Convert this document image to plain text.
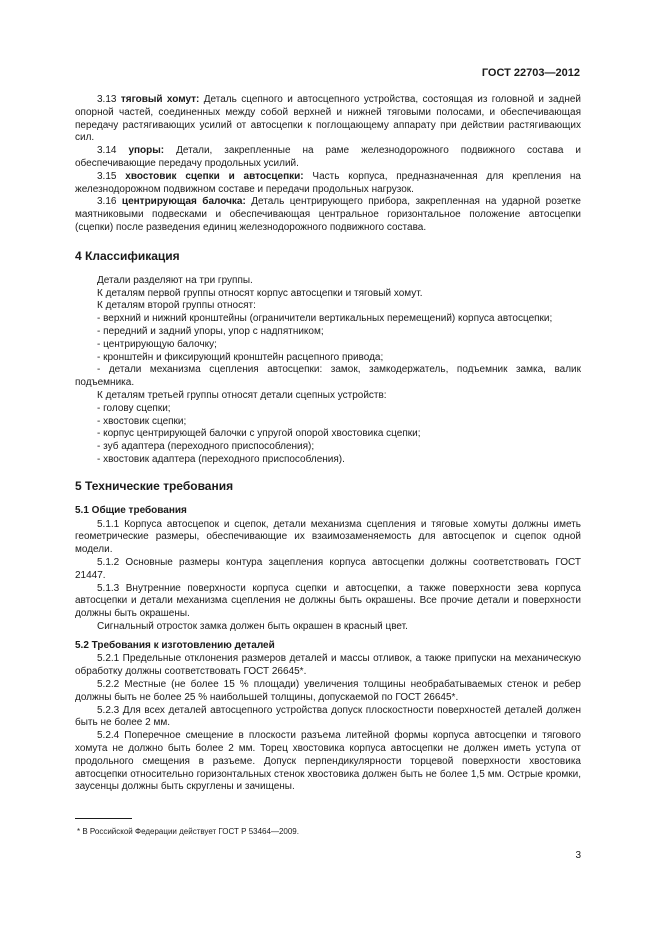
ГОСТ 22703—2012

3.13 тяговый хомут: Деталь сцепного и автосцепного устройства, состоящая из головной и задней опорной частей, соединенных между собой верхней и нижней тяговыми полосами, и обеспечивающая передачу растягивающих усилий от автосцепки к поглощающему аппарату при действии растягивающих сил.

3.14 упоры: Детали, закрепленные на раме железнодорожного подвижного состава и обеспечивающие передачу продольных усилий.

3.15 хвостовик сцепки и автосцепки: Часть корпуса, предназначенная для крепления на железнодорожном подвижном составе и передачи продольных нагрузок.

3.16 центрирующая балочка: Деталь центрирующего прибора, закрепленная на ударной розетке маятниковыми подвесками и обеспечивающая центральное горизонтальное положение автосцепки (сцепки) после разведения единиц железнодорожного подвижного состава.

4 Классификация

Детали разделяют на три группы.

К деталям первой группы относят корпус автосцепки и тяговый хомут.

К деталям второй группы относят:

- верхний и нижний кронштейны (ограничители вертикальных перемещений) корпуса автосцепки;

- передний и задний упоры, упор с надпятником;

- центрирующую балочку;

- кронштейн и фиксирующий кронштейн расцепного привода;

- детали механизма сцепления автосцепки: замок, замкодержатель, подъемник замка, валик подъемника.

К деталям третьей группы относят детали сцепных устройств:

- голову сцепки;

- хвостовик сцепки;

- корпус центрирующей балочки с упругой опорой хвостовика сцепки;

- зуб адаптера (переходного приспособления);

- хвостовик адаптера (переходного приспособления).

5 Технические требования
5.1 Общие требования

5.1.1 Корпуса автосцепок и сцепок, детали механизма сцепления и тяговые хомуты должны иметь геометрические размеры, обеспечивающие их взаимозаменяемость для автосцепок и сцепок одной модели.

5.1.2 Основные размеры контура зацепления корпуса автосцепки должны соответствовать ГОСТ 21447.

5.1.3 Внутренние поверхности корпуса сцепки и автосцепки, а также поверхности зева корпуса автосцепки и детали механизма сцепления не должны быть окрашены. Все прочие детали и поверхности должны быть окрашены.

Сигнальный отросток замка должен быть окрашен в красный цвет.

5.2 Требования к изготовлению деталей

5.2.1 Предельные отклонения размеров деталей и массы отливок, а также припуски на механическую обработку должны соответствовать ГОСТ 26645*.

5.2.2 Местные (не более 15 % площади) увеличения толщины необрабатываемых стенок и ребер должны быть не более 25 % наибольшей толщины, допускаемой по ГОСТ 26645*.

5.2.3 Для всех деталей автосцепного устройства допуск плоскостности поверхностей деталей должен быть не более 2 мм.

5.2.4 Поперечное смещение в плоскости разъема литейной формы корпуса автосцепки и тягового хомута не должно быть более 2 мм. Торец хвостовика корпуса автосцепки не должен иметь уступа от продольного смещения в разъеме. Допуск перпендикулярности торцевой поверхности хвостовика автосцепки относительно горизонтальных стенок хвостовика должен быть не более 1,5 мм. Острые кромки, заусенцы должны быть скруглены и зачищены.

* В Российской Федерации действует ГОСТ Р 53464—2009.
3
